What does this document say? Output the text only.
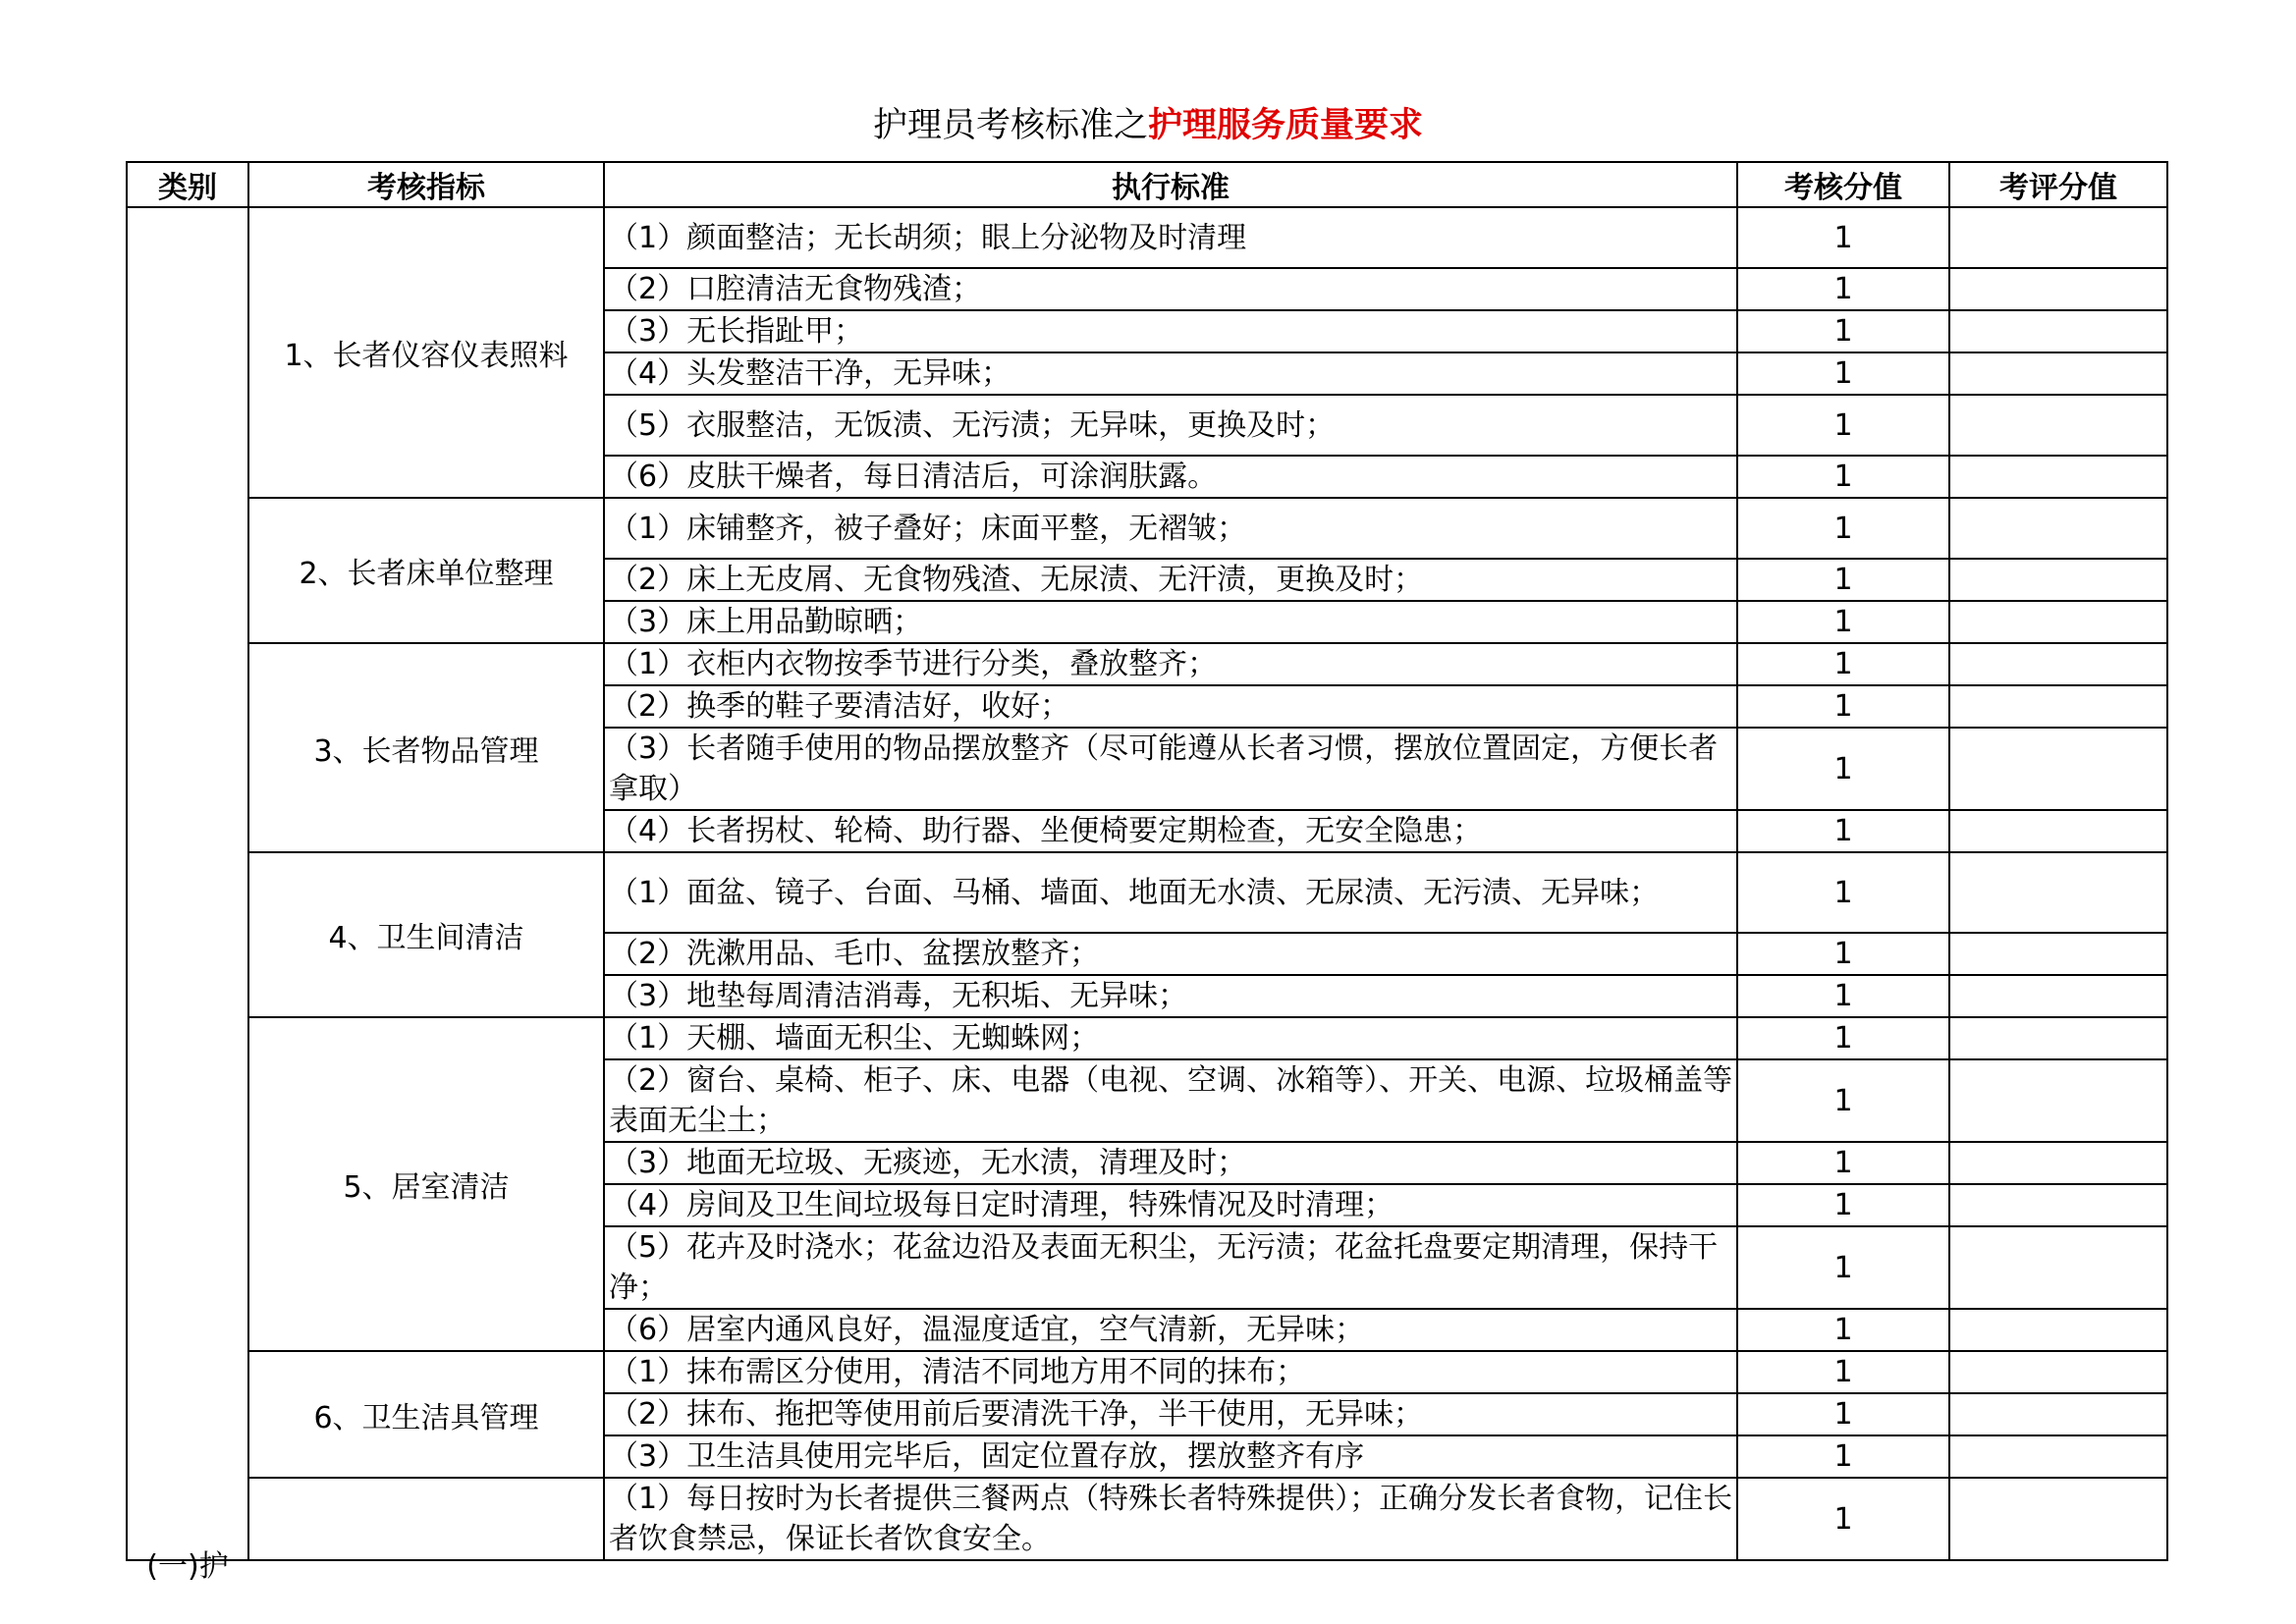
护理员考核标准之护理服务质量要求
类别	考核指标	执行标准	考核分值	考评分值

(一)护	1、长者仪容仪表照料	（1）颜面整洁；无长胡须；眼上分泌物及时清理	1	
		（2）口腔清洁无食物残渣；	1	
		（3）无长指趾甲；	1	
		（4）头发整洁干净，无异味；	1	
		（5）衣服整洁，无饭渍、无污渍；无异味，更换及时；	1	
		（6）皮肤干燥者，每日清洁后，可涂润肤露。	1	
	2、长者床单位整理	（1）床铺整齐，被子叠好；床面平整，无褶皱；	1	
		（2）床上无皮屑、无食物残渣、无尿渍、无汗渍，更换及时；	1	
		（3）床上用品勤晾晒；	1	
	3、长者物品管理	（1）衣柜内衣物按季节进行分类，叠放整齐；	1	
		（2）换季的鞋子要清洁好，收好；	1	
		（3）长者随手使用的物品摆放整齐（尽可能遵从长者习惯，摆放位置固定，方便长者拿取）	1	
		（4）长者拐杖、轮椅、助行器、坐便椅要定期检查，无安全隐患；	1	
	4、卫生间清洁	（1）面盆、镜子、台面、马桶、墙面、地面无水渍、无尿渍、无污渍、无异味；	1	
		（2）洗漱用品、毛巾、盆摆放整齐；	1	
		（3）地垫每周清洁消毒，无积垢、无异味；	1	
	5、居室清洁	（1）天棚、墙面无积尘、无蜘蛛网；	1	
		（2）窗台、桌椅、柜子、床、电器（电视、空调、冰箱等）、开关、电源、垃圾桶盖等表面无尘土；	1	
		（3）地面无垃圾、无痰迹，无水渍，清理及时；	1	
		（4）房间及卫生间垃圾每日定时清理，特殊情况及时清理；	1	
		（5）花卉及时浇水；花盆边沿及表面无积尘，无污渍；花盆托盘要定期清理，保持干净；	1	
		（6）居室内通风良好，温湿度适宜，空气清新，无异味；	1	
	6、卫生洁具管理	（1）抹布需区分使用，清洁不同地方用不同的抹布；	1	
		（2）抹布、拖把等使用前后要清洗干净，半干使用，无异味；	1	
		（3）卫生洁具使用完毕后，固定位置存放，摆放整齐有序	1	
		（1）每日按时为长者提供三餐两点（特殊长者特殊提供）；正确分发长者食物，记住长者饮食禁忌，保证长者饮食安全。	1	
